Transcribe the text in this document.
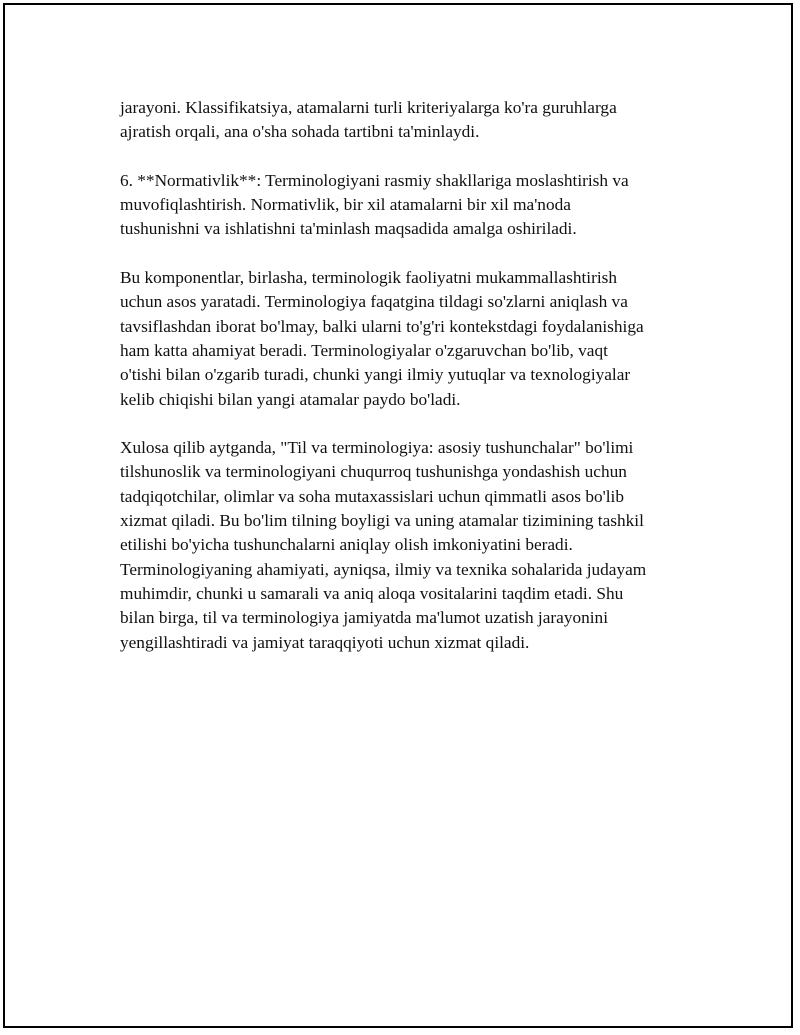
jarayoni. Klassifikatsiya, atamalarni turli kriteriyalarga ko'ra guruhlarga
ajratish orqali, ana o'sha sohada tartibni ta'minlaydi.
6. **Normativlik**: Terminologiyani rasmiy shakllariga moslashtirish va
muvofiqlashtirish. Normativlik, bir xil atamalarni bir xil ma'noda
tushunishni va ishlatishni ta'minlash maqsadida amalga oshiriladi.
Bu komponentlar, birlasha, terminologik faoliyatni mukammallashtirish
uchun asos yaratadi. Terminologiya faqatgina tildagi so'zlarni aniqlash va
tavsiflashdan iborat bo'lmay, balki ularni to'g'ri kontekstdagi foydalanishiga
ham katta ahamiyat beradi. Terminologiyalar o'zgaruvchan bo'lib, vaqt
o'tishi bilan o'zgarib turadi, chunki yangi ilmiy yutuqlar va texnologiyalar
kelib chiqishi bilan yangi atamalar paydo bo'ladi.
Xulosa qilib aytganda, "Til va terminologiya: asosiy tushunchalar" bo'limi
tilshunoslik va terminologiyani chuqurroq tushunishga yondashish uchun
tadqiqotchilar, olimlar va soha mutaxassislari uchun qimmatli asos bo'lib
xizmat qiladi. Bu bo'lim tilning boyligi va uning atamalar tizimining tashkil
etilishi bo'yicha tushunchalarni aniqlay olish imkoniyatini beradi.
Terminologiyaning ahamiyati, ayniqsa, ilmiy va texnika sohalarida judayam
muhimdir, chunki u samarali va aniq aloqa vositalarini taqdim etadi. Shu
bilan birga, til va terminologiya jamiyatda ma'lumot uzatish jarayonini
yengillashtiradi va jamiyat taraqqiyoti uchun xizmat qiladi.
